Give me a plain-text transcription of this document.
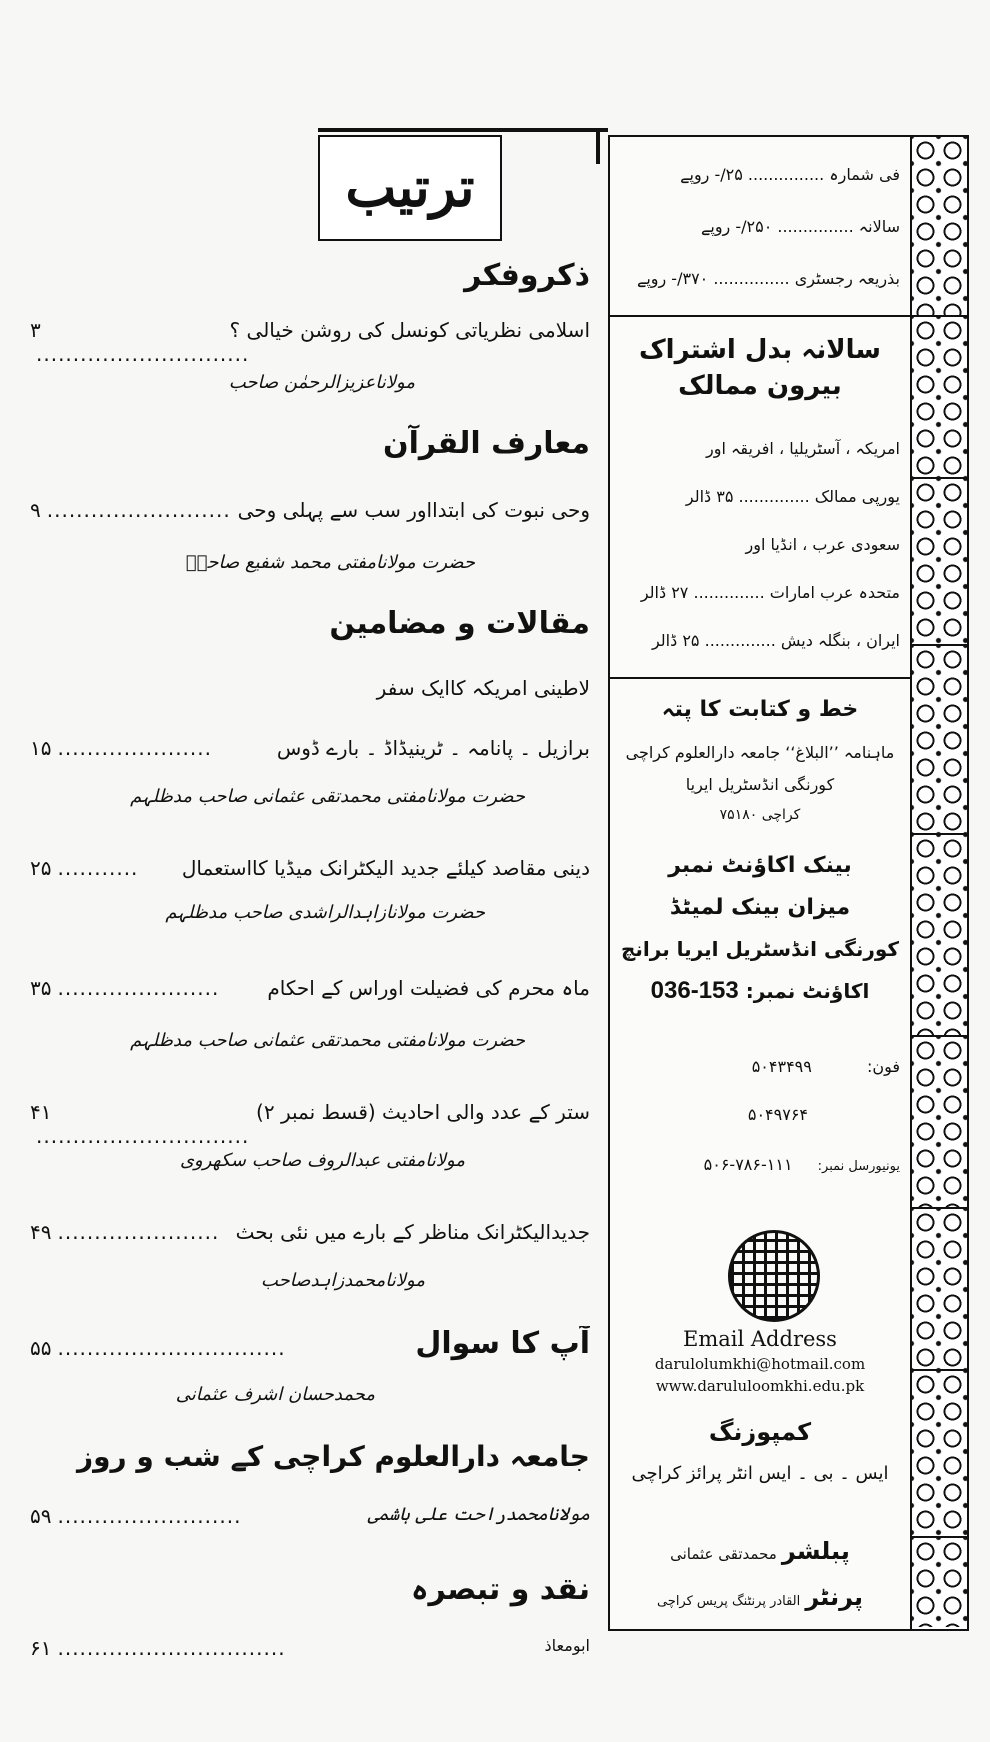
فی شمارہ ............... ۲۵/- روپے
سالانہ ............... ۲۵۰/- روپے
بذریعہ رجسٹری ............... ۳۷۰/- روپے
سالانہ بدل اشتراک
بیرون ممالک
امریکہ ، آسٹریلیا ، افریقہ اور
یورپی ممالک .............. ۳۵ ڈالر
سعودی عرب ، انڈیا اور
متحدہ عرب امارات .............. ۲۷ ڈالر
ایران ، بنگلہ دیش .............. ۲۵ ڈالر
خط و کتابت کا پتہ
ماہنامہ ’’البلاغ‘‘ جامعہ دارالعلوم کراچی
کورنگی انڈسٹریل ایریا
کراچی ۷۵۱۸۰
بینک اکاؤنٹ نمبر
میزان بینک لمیٹڈ
کورنگی انڈسٹریل ایریا برانچ
اکاؤنٹ نمبر: 036-153
فون: ۵۰۴۳۴۹۹
۵۰۴۹۷۶۴
یونیورسل نمبر: ۱۱۱-۷۸۶-۵۰۶
Email Address
darulolumkhi@hotmail.com
www.darululoomkhi.edu.pk
کمپوزنگ
ایس ۔ بی ۔ ایس انٹر پرائز کراچی
پبلشر محمدتقی عثمانی
پرنٹر القادر پرنٹنگ پریس کراچی
ترتیب
ذکروفکر
اسلامی نظریاتی کونسل کی روشن خیالی ؟
۳
.............................
مولاناعزیزالرحمٰن صاحب
معارف القرآن
وحی نبوت کی ابتدااور سب سے پہلی وحی
۹ .........................
حضرت مولانامفتی محمد شفیع صاحبؒ
مقالات و مضامین
لاطینی امریکہ کاایک سفر
برازیل ۔ پانامہ ۔ ٹرینیڈاڈ ۔ بارے ڈوس
۱۵ .....................
حضرت مولانامفتی محمدتقی عثمانی صاحب مدظلہم
دینی مقاصد کیلئے جدید الیکٹرانک میڈیا کااستعمال
۲۵ ...........
حضرت مولانازاہدالراشدی صاحب مدظلہم
ماہ محرم کی فضیلت اوراس کے احکام
۳۵ ......................
حضرت مولانامفتی محمدتقی عثمانی صاحب مدظلہم
ستر کے عدد والی احادیث (قسط نمبر ۲)
۴۱
.............................
مولانامفتی عبدالروف صاحب سکھروی
جدیدالیکٹرانک مناظر کے بارے میں نئی بحث
۴۹ ......................
مولانامحمدزاہدصاحب
آپ کا سوال
۵۵ ...............................
محمدحسان اشرف عثمانی
جامعہ دارالعلوم کراچی کے شب و روز
مولانامحمدراحت علی ہاشمی
۵۹ .........................
نقد و تبصرہ
ابومعاذ
۶۱ ...............................
